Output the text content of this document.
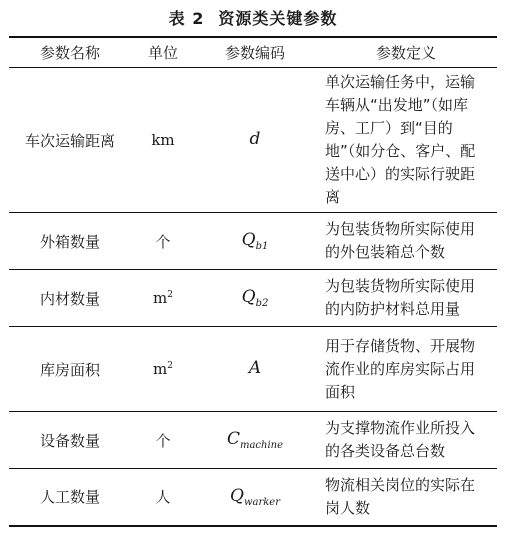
表 2 资源类关键参数
参数名称	单位	参数编码	参数定义
车次运输距离	km	d	单次运输任务中，运输车辆从“出发地”（如库房、工厂）到“目的地”（如分仓、客户、配送中心）的实际行驶距离
外箱数量	个	$Q_{b1}$	为包装货物所实际使用的外包装箱总个数
内材数量	$m^2$	$Q_{b2}$	为包装货物所实际使用的内防护材料总用量
库房面积	$m^2$	A	用于存储货物、开展物流作业的库房实际占用面积
设备数量	个	$C_{machine}$	为支撑物流作业所投入的各类设备总台数
人工数量	人	$Q_{warker}$	物流相关岗位的实际在岗人数
